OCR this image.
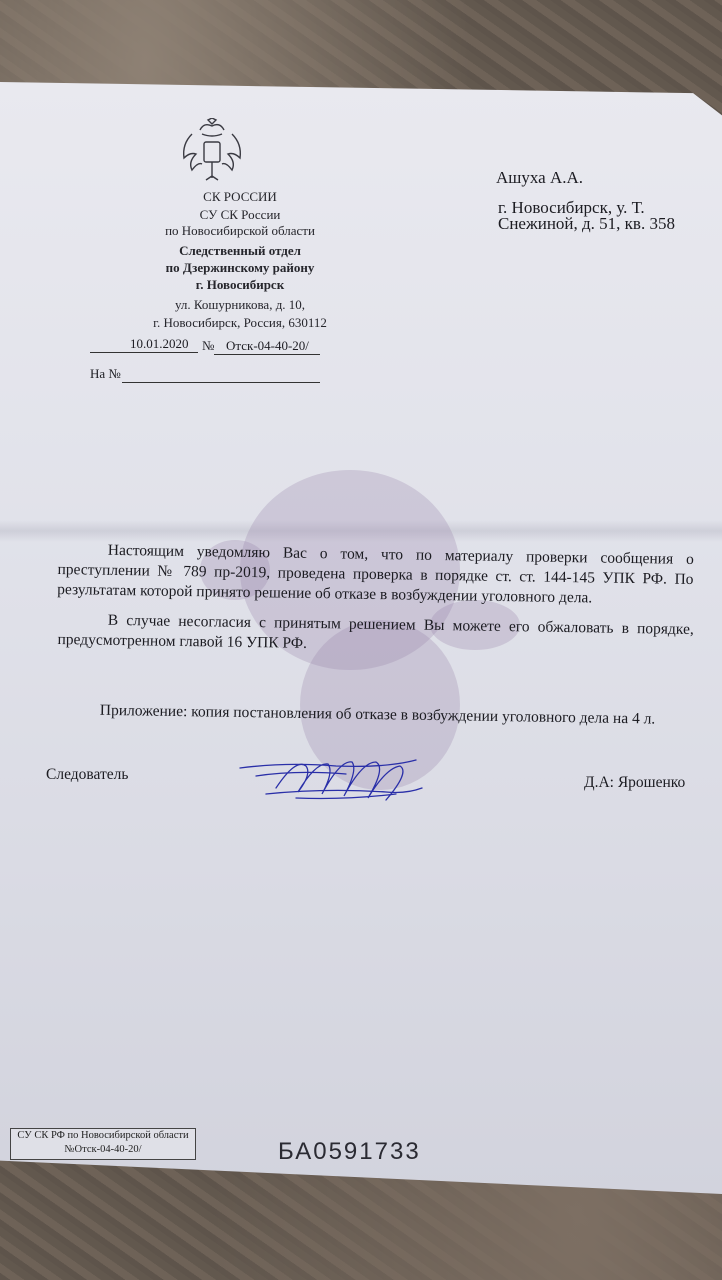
СК РОССИИ
СУ СК России
по Новосибирской области
Следственный отдел
по Дзержинскому району
г. Новосибирск
ул. Кошурникова, д. 10,
г. Новосибирск, Россия, 630112
10.01.2020 № Отск-04-40-20/
На №
Ашуха А.А.
г. Новосибирск, у. Т.
Снежиной, д. 51, кв. 358
Настоящим уведомляю Вас о том, что по материалу проверки сообщения о преступлении № 789 пр-2019, проведена проверка в порядке ст. ст. 144-145 УПК РФ. По результатам которой принято решение об отказе в возбуждении уголовного дела.
В случае несогласия с принятым решением Вы можете его обжаловать в порядке, предусмотренном главой 16 УПК РФ.
Приложение: копия постановления об отказе в возбуждении уголовного дела на 4 л.
Следователь	Д.А: Ярошенко
СУ СК РФ по Новосибирской области
№Отск-04-40-20/	БА0591733
